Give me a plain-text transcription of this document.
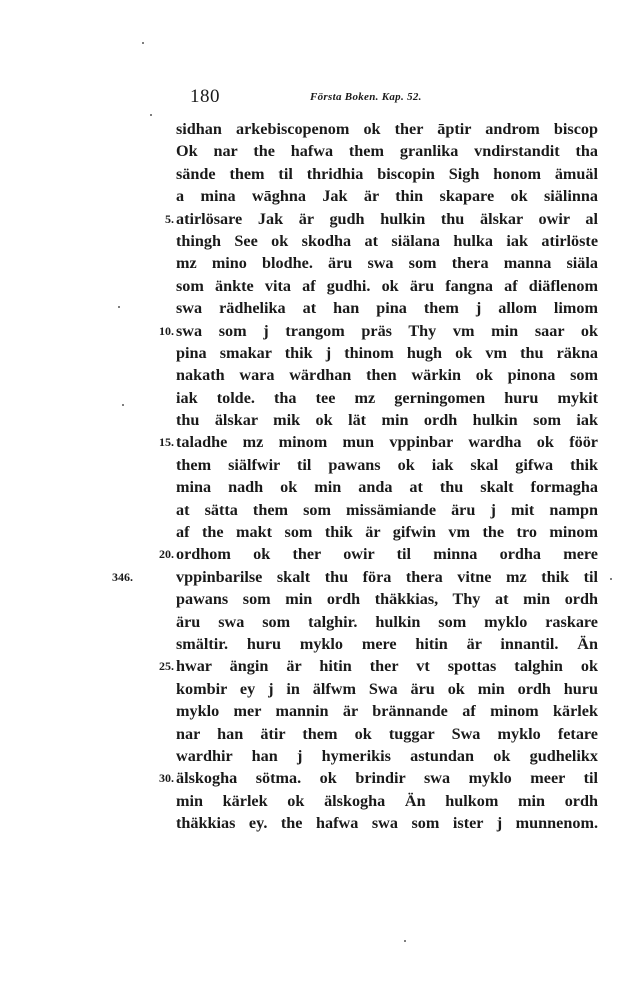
180	Första Boken. Kap. 52.
sidhan arkebiscopenom ok ther āptir androm biscop
Ok nar the hafwa them granlika vndirstandit tha
sände them til thridhia biscopin Sigh honom ämuäl
a mina wāghna Jak är thin skapare ok siälinna
5. atirlösare Jak är gudh hulkin thu älskar owir al
thingh See ok skodha at siälana hulka iak atirlöste
mz mino blodhe. äru swa som thera manna siäla
som änkte vita af gudhi. ok äru fangna af diäflenom
swa rädhelika at han pina them j allom limom
10. swa som j trangom präs Thy vm min saar ok
pina smakar thik j thinom hugh ok vm thu räkna
nakath wara wärdhan then wärkin ok pinona som
iak tolde. tha tee mz gerningomen huru mykit
thu älskar mik ok lät min ordh hulkin som iak
15. taladhe mz minom mun vppinbar wardha ok föör
them siälfwir til pawans ok iak skal gifwa thik
mina nadh ok min anda at thu skalt formagha
at sätta them som missämiande äru j mit nampn
af the makt som thik är gifwin vm the tro minom
20. ordhom ok ther owir til minna ordha mere
346.	vppinbarilse skalt thu föra thera vitne mz thik til
pawans som min ordh thäkkias, Thy at min ordh
äru swa som talghir. hulkin som myklo raskare
smältir. huru myklo mere hitin är innantil. Än
25. hwar ängin är hitin ther vt spottas talghin ok
kombir ey j in älfwm Swa äru ok min ordh huru
myklo mer mannin är brännande af minom kärlek
nar han ätir them ok tuggar Swa myklo fetare
wardhir han j hymerikis astundan ok gudhelikx
30. älskogha sötma. ok brindir swa myklo meer til
min kärlek ok älskogha Än hulkom min ordh
thäkkias ey. the hafwa swa som ister j munnenom.
